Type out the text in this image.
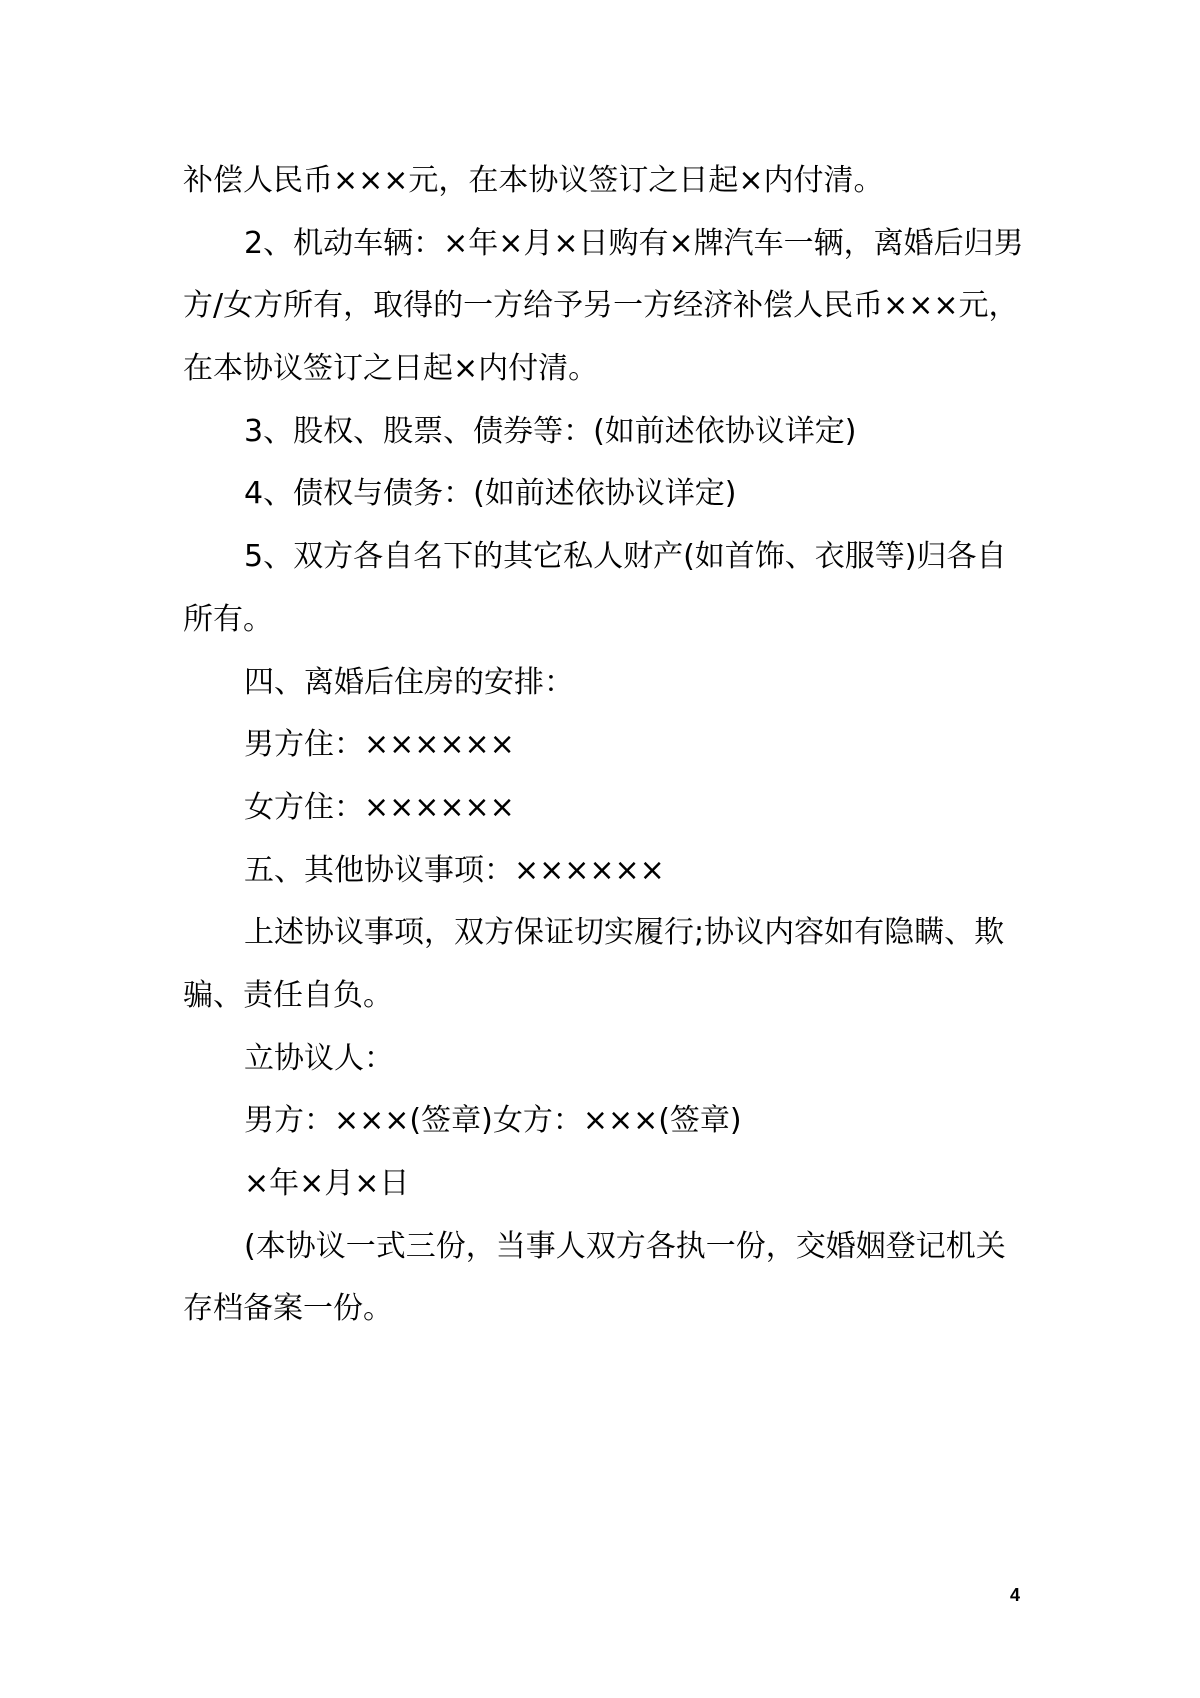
补偿人民币×××元，在本协议签订之日起×内付清。

2、机动车辆：×年×月×日购有×牌汽车一辆，离婚后归男

方/女方所有，取得的一方给予另一方经济补偿人民币×××元，

在本协议签订之日起×内付清。

3、股权、股票、债券等：(如前述依协议详定)

4、债权与债务：(如前述依协议详定)

5、双方各自名下的其它私人财产(如首饰、衣服等)归各自

所有。

四、离婚后住房的安排：

男方住：××××××

女方住：××××××

五、其他协议事项：××××××

上述协议事项，双方保证切实履行;协议内容如有隐瞒、欺

骗、责任自负。

立协议人：

男方：×××(签章)女方：×××(签章)

×年×月×日

(本协议一式三份，当事人双方各执一份，交婚姻登记机关

存档备案一份。

4
